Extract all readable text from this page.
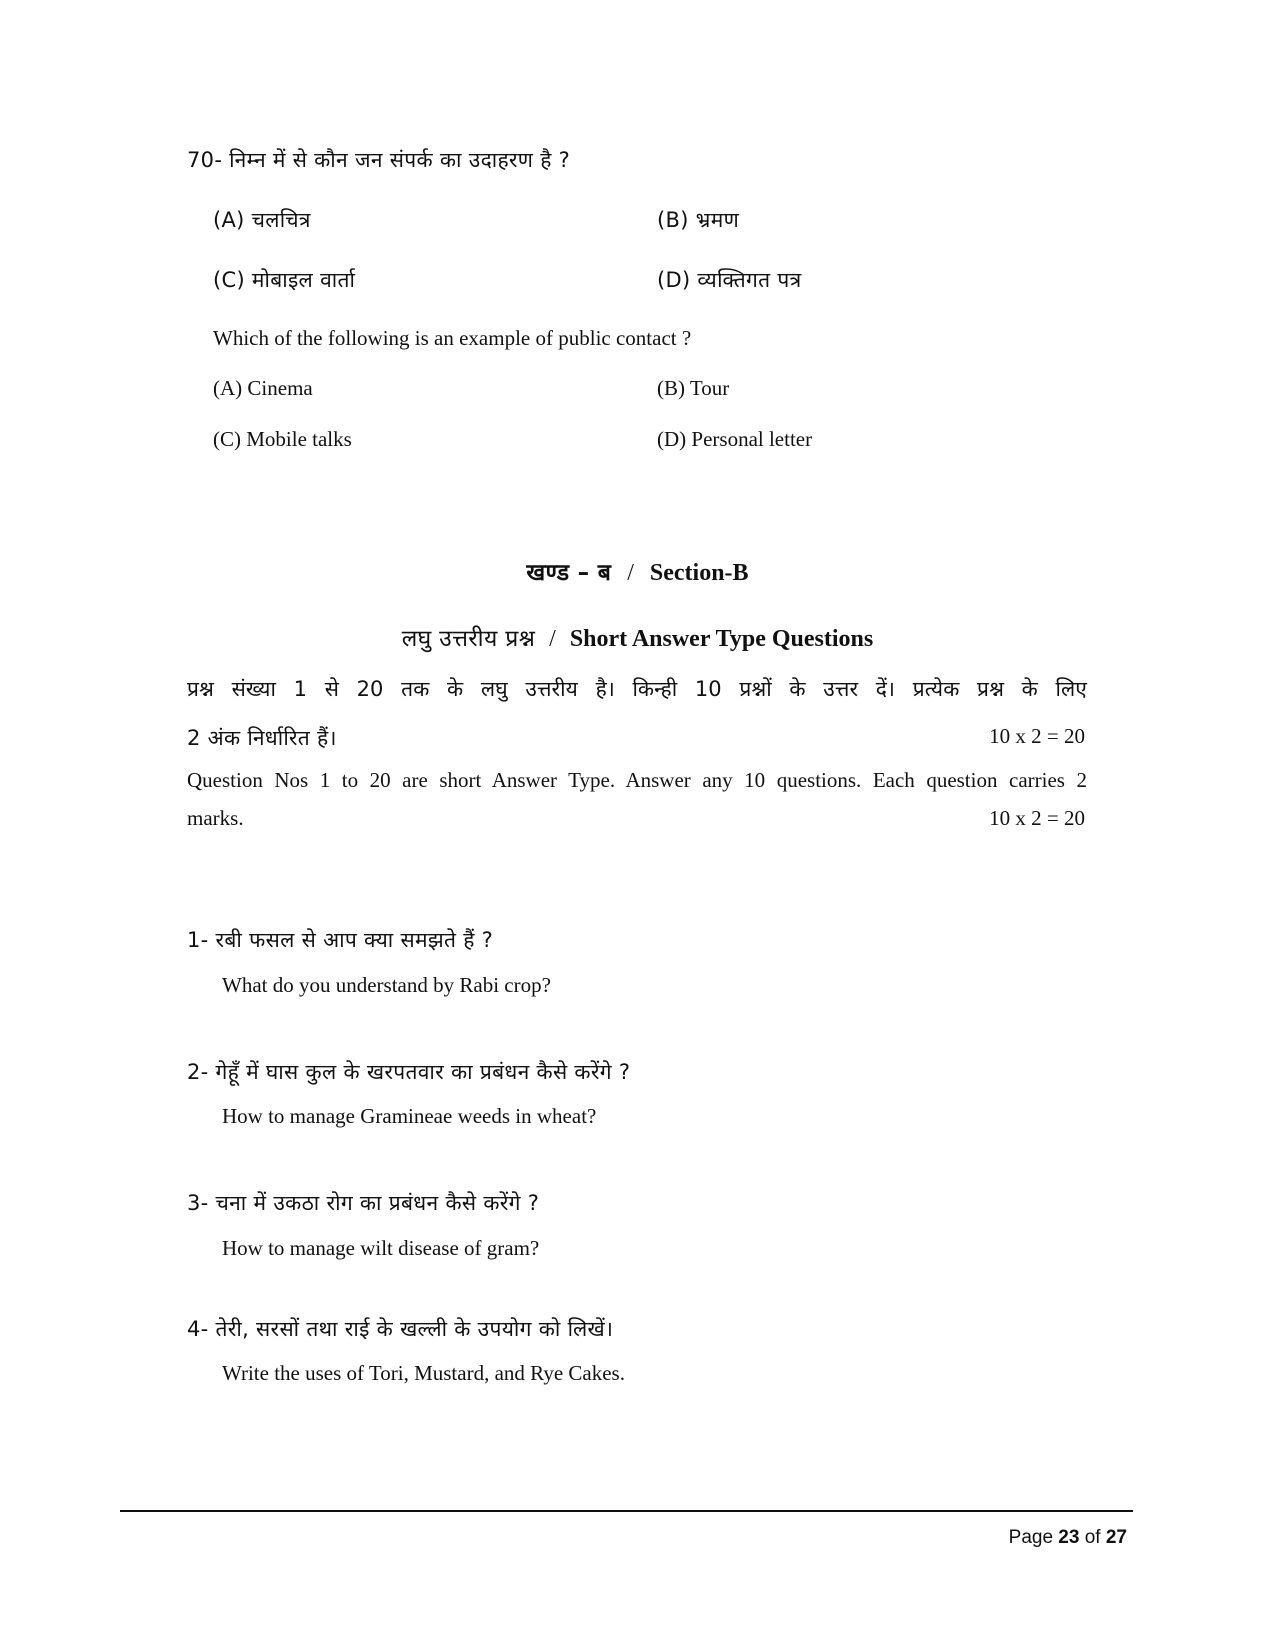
70- निम्न में से कौन जन संपर्क का उदाहरण है ?
(A) चलचित्र	(B) भ्रमण
(C) मोबाइल वार्ता	(D) व्यक्तिगत पत्र
Which of the following is an example of public contact ?
(A) Cinema	(B) Tour
(C) Mobile talks	(D) Personal letter
खण्ड – ब / Section-B
लघु उत्तरीय प्रश्न / Short Answer Type Questions
प्रश्न संख्या 1 से 20 तक के लघु उत्तरीय है। किन्ही 10 प्रश्नों के उत्तर दें। प्रत्येक प्रश्न के लिए
2 अंक निर्धारित हैं।	10 x 2 = 20
Question Nos 1 to 20 are short Answer Type. Answer any 10 questions. Each question carries 2
marks.	10 x 2 = 20
1- रबी फसल से आप क्या समझते हैं ?
What do you understand by Rabi crop?
2- गेहूँ में घास कुल के खरपतवार का प्रबंधन कैसे करेंगे ?
How to manage Gramineae weeds in wheat?
3- चना में उकठा रोग का प्रबंधन कैसे करेंगे ?
How to manage wilt disease of gram?
4- तेरी, सरसों तथा राई के खल्ली के उपयोग को लिखें।
Write the uses of Tori, Mustard, and Rye Cakes.
Page 23 of 27
